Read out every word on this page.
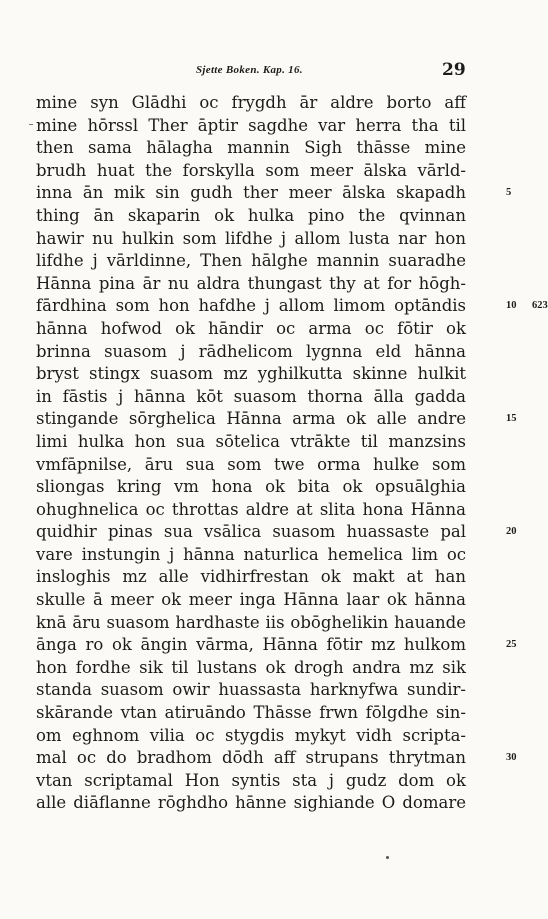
Sjette Boken. Kap. 16.	29
mine syn Glādhi oc frygdh ār aldre borto aff
mine hōrssl Ther āptir sagdhe var herra tha til
then sama hālagha mannin Sigh thāsse mine
brudh huat the forskylla som meer ālska vārld-
inna ān mik sin gudh ther meer ālska skapadh	5
thing ān skaparin ok hulka pino the qvinnan
hawir nu hulkin som lifdhe j allom lusta nar hon
lifdhe j vārldinne, Then hālghe mannin suaradhe
Hānna pina ār nu aldra thungast thy at for hōgh-
fārdhina som hon hafdhe j allom limom optāndis	10	623
hānna hofwod ok hāndir oc arma oc fōtir ok
brinna suasom j rādhelicom lygnna eld hānna
bryst stingx suasom mz yghilkutta skinne hulkit
in fāstis j hānna kōt suasom thorna ālla gadda
stingande sōrghelica Hānna arma ok alle andre	15
limi hulka hon sua sōtelica vtrākte til manzsins
vmfāpnilse, āru sua som twe orma hulke som
sliongas kring vm hona ok bita ok opsuālghia
ohughnelica oc throttas aldre at slita hona Hānna
quidhir pinas sua vsālica suasom huassaste pal	20
vare instungin j hānna naturlica hemelica lim oc
insloghis mz alle vidhirfrestan ok makt at han
skulle ā meer ok meer inga Hānna laar ok hānna
knā āru suasom hardhaste iis obōghelikin hauande
ānga ro ok āngin vārma, Hānna fōtir mz hulkom	25
hon fordhe sik til lustans ok drogh andra mz sik
standa suasom owir huassasta harknyfwa sundir-
skārande vtan atiruāndo Thāsse frwn fōlgdhe sin-
om eghnom vilia oc stygdis mykyt vidh scripta-
mal oc do bradhom dōdh aff strupans thrytman	30
vtan scriptamal Hon syntis sta j gudz dom ok
alle diāflanne rōghdho hānne sighiande O domare
